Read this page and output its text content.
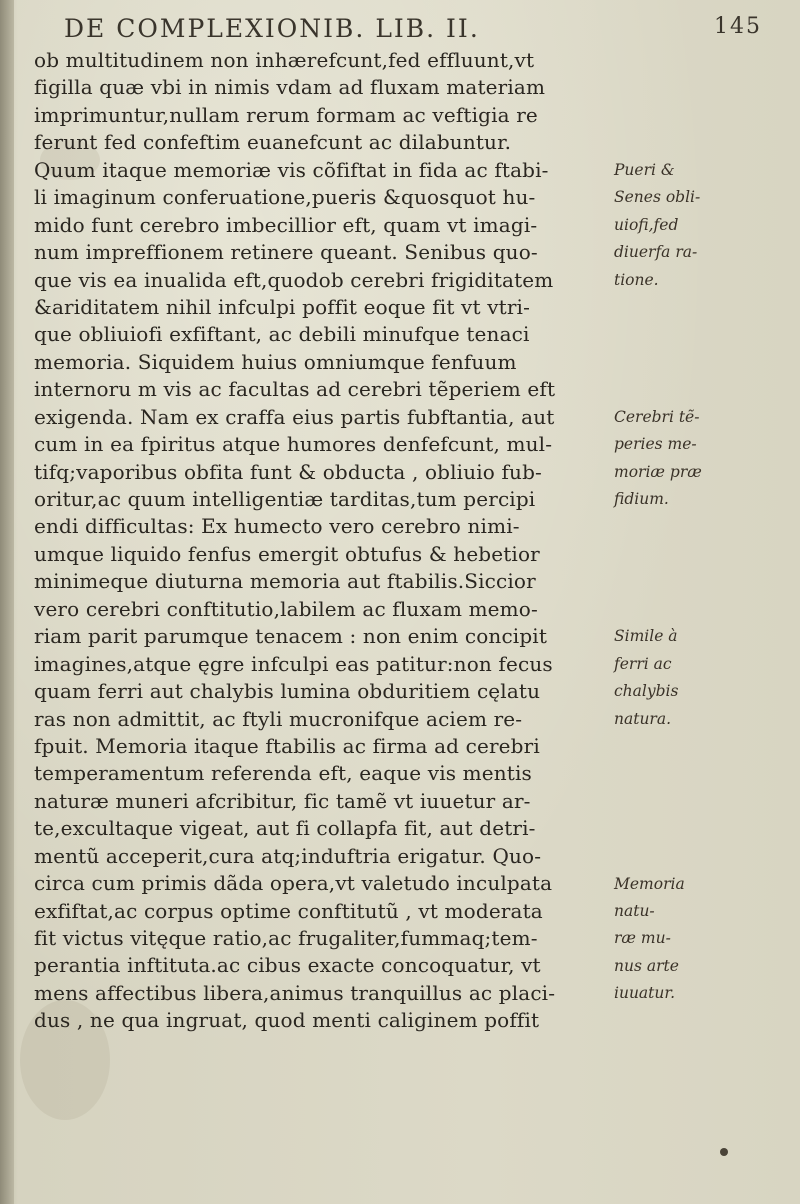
DE COMPLEXIONIB. LIB. II.	145
ob multitudinem non inhærefcunt,fed effluunt,vt
figilla quæ vbi in nimis vdam ad fluxam materiam
imprimuntur,nullam rerum formam ac veftigia re
ferunt fed confeftim euanefcunt ac dilabuntur.
Quum itaque memoriæ vis cõfiftat in fida ac ftabi-
li imaginum conferuatione,pueris &quosquot hu-
mido funt cerebro imbecillior eft, quam vt imagi-
num impreffionem retinere queant. Senibus quo-
que vis ea inualida eft,quodob cerebri frigiditatem
&ariditatem nihil infculpi poffit eoque fit vt vtri-
que obliuiofi exfiftant, ac debili minufque tenaci
memoria. Siquidem huius omniumque fenfuum
internoru m vis ac facultas ad cerebri tẽperiem eft
exigenda. Nam ex craffa eius partis fubftantia, aut
cum in ea fpiritus atque humores denfefcunt, mul-
tifq;vaporibus obfita funt & obducta , obliuio fub-
oritur,ac quum intelligentiæ tarditas,tum percipi
endi difficultas: Ex humecto vero cerebro nimi-
umque liquido fenfus emergit obtufus & hebetior
minimeque diuturna memoria aut ftabilis.Siccior
vero cerebri conftitutio,labilem ac fluxam memo-
riam parit parumque tenacem : non enim concipit
imagines,atque ęgre infculpi eas patitur:non fecus
quam ferri aut chalybis lumina obduritiem cęlatu
ras non admittit, ac ftyli mucronifque aciem re-
fpuit. Memoria itaque ftabilis ac firma ad cerebri
temperamentum referenda eft, eaque vis mentis
naturæ muneri afcribitur, fic tamẽ vt iuuetur ar-
te,excultaque vigeat, aut fi collapfa fit, aut detri-
mentũ acceperit,cura atq;induftria erigatur. Quo-
circa cum primis dãda opera,vt valetudo inculpata
exfiftat,ac corpus optime conftitutũ , vt moderata
fit victus vitęque ratio,ac frugaliter,fummaq;tem-
perantia inftituta.ac cibus exacte concoquatur, vt
mens affectibus libera,animus tranquillus ac placi-
dus , ne qua ingruat, quod menti caliginem poffit
Pueri &
Senes obli-
uiofi,fed
diuerfa ra-
tione.
Cerebri tẽ-
peries me-
moriæ præ
fidium.
Simile à
ferri ac
chalybis
natura.
Memoria
natu-
ræ mu-
nus arte
iuuatur.
